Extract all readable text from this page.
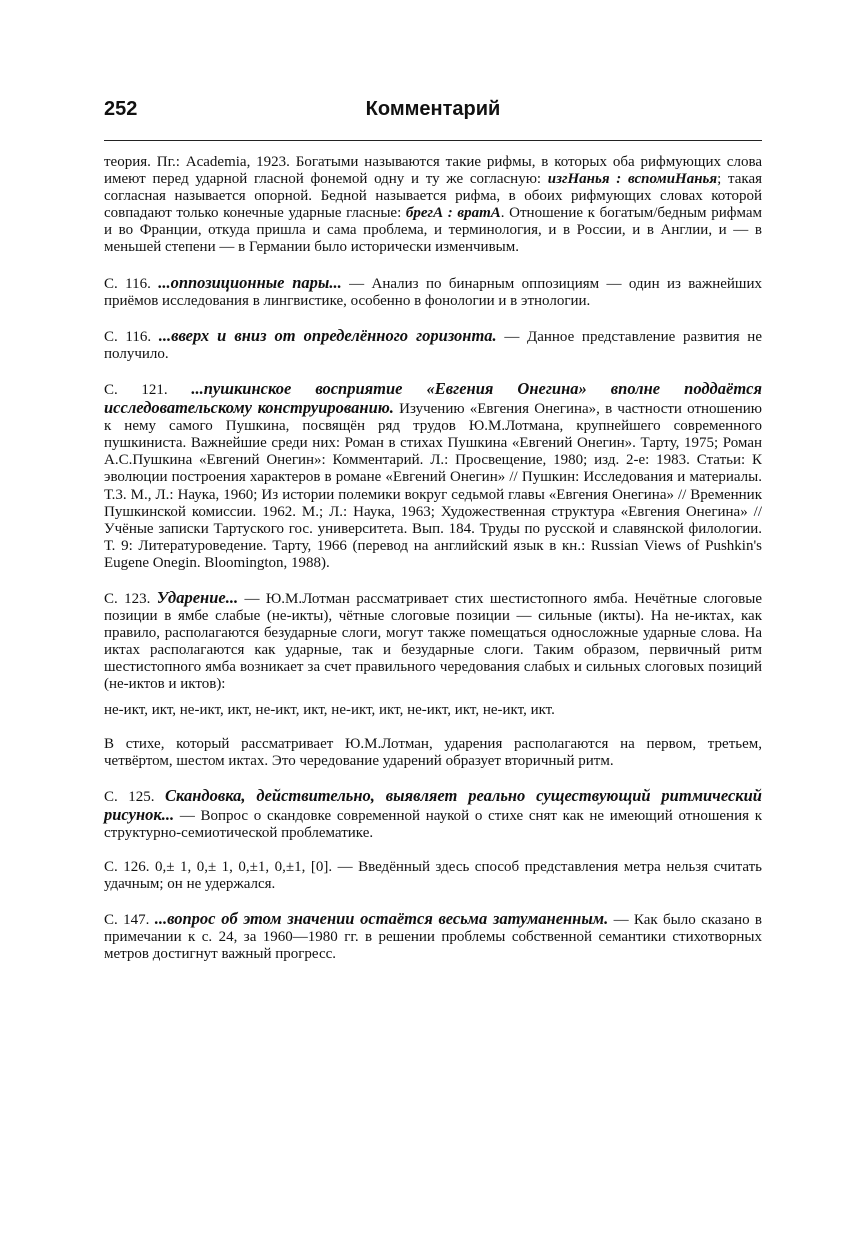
252	Комментарий

теория. Пг.: Academia, 1923. Богатыми называются такие рифмы, в которых оба рифмующих слова имеют перед ударной гласной фонемой одну и ту же согласную: изгНанья : вспомиНанья; такая согласная называется опорной. Бедной называется рифма, в обоих рифмующих словах которой совпадают только конечные ударные гласные: брегА : вратА. Отношение к богатым/бедным рифмам и во Франции, откуда пришла и сама проблема, и терминология, и в России, и в Англии, и — в меньшей степени — в Германии было исторически изменчивым.

С. 116. ...оппозиционные пары... — Анализ по бинарным оппозициям — один из важнейших приёмов исследования в лингвистике, особенно в фонологии и в этнологии.

С. 116. ...вверх и вниз от определённого горизонта. — Данное представление развития не получило.

С. 121. ...пушкинское восприятие «Евгения Онегина» вполне поддаётся исследовательскому конструированию. Изучению «Евгения Онегина», в частности отношению к нему самого Пушкина, посвящён ряд трудов Ю.М.Лотмана, крупнейшего современного пушкиниста. Важнейшие среди них: Роман в стихах Пушкина «Евгений Онегин». Тарту, 1975; Роман А.С.Пушкина «Евгений Онегин»: Комментарий. Л.: Просвещение, 1980; изд. 2-е: 1983. Статьи: К эволюции построения характеров в романе «Евгений Онегин» // Пушкин: Исследования и материалы. Т.3. М., Л.: Наука, 1960; Из истории полемики вокруг седьмой главы «Евгения Онегина» // Временник Пушкинской комиссии. 1962. М.; Л.: Наука, 1963; Художественная структура «Евгения Онегина» // Учёные записки Тартуского гос. университета. Вып. 184. Труды по русской и славянской филологии. Т. 9: Литературоведение. Тарту, 1966 (перевод на английский язык в кн.: Russian Views of Pushkin's Eugene Onegin. Bloomington, 1988).

С. 123. Ударение... — Ю.М.Лотман рассматривает стих шестистопного ямба. Нечётные слоговые позиции в ямбе слабые (не-икты), чётные слоговые позиции — сильные (икты). На не-иктах, как правило, располагаются безударные слоги, могут также помещаться односложные ударные слова. На иктах располагаются как ударные, так и безударные слоги. Таким образом, первичный ритм шестистопного ямба возникает за счет правильного чередования слабых и сильных слоговых позиций (не-иктов и иктов):

не-икт, икт, не-икт, икт, не-икт, икт, не-икт, икт, не-икт, икт, не-икт, икт.

В стихе, который рассматривает Ю.М.Лотман, ударения располагаются на первом, третьем, четвёртом, шестом иктах. Это чередование ударений образует вторичный ритм.

С. 125. Скандовка, действительно, выявляет реально существующий ритмический рисунок... — Вопрос о скандовке современной наукой о стихе снят как не имеющий отношения к структурно-семиотической проблематике.

С. 126. 0,± 1, 0,± 1, 0,±1, 0,±1, [0]. — Введённый здесь способ представления метра нельзя считать удачным; он не удержался.

С. 147. ...вопрос об этом значении остаётся весьма затуманенным. — Как было сказано в примечании к с. 24, за 1960—1980 гг. в решении проблемы собственной семантики стихотворных метров достигнут важный прогресс.
